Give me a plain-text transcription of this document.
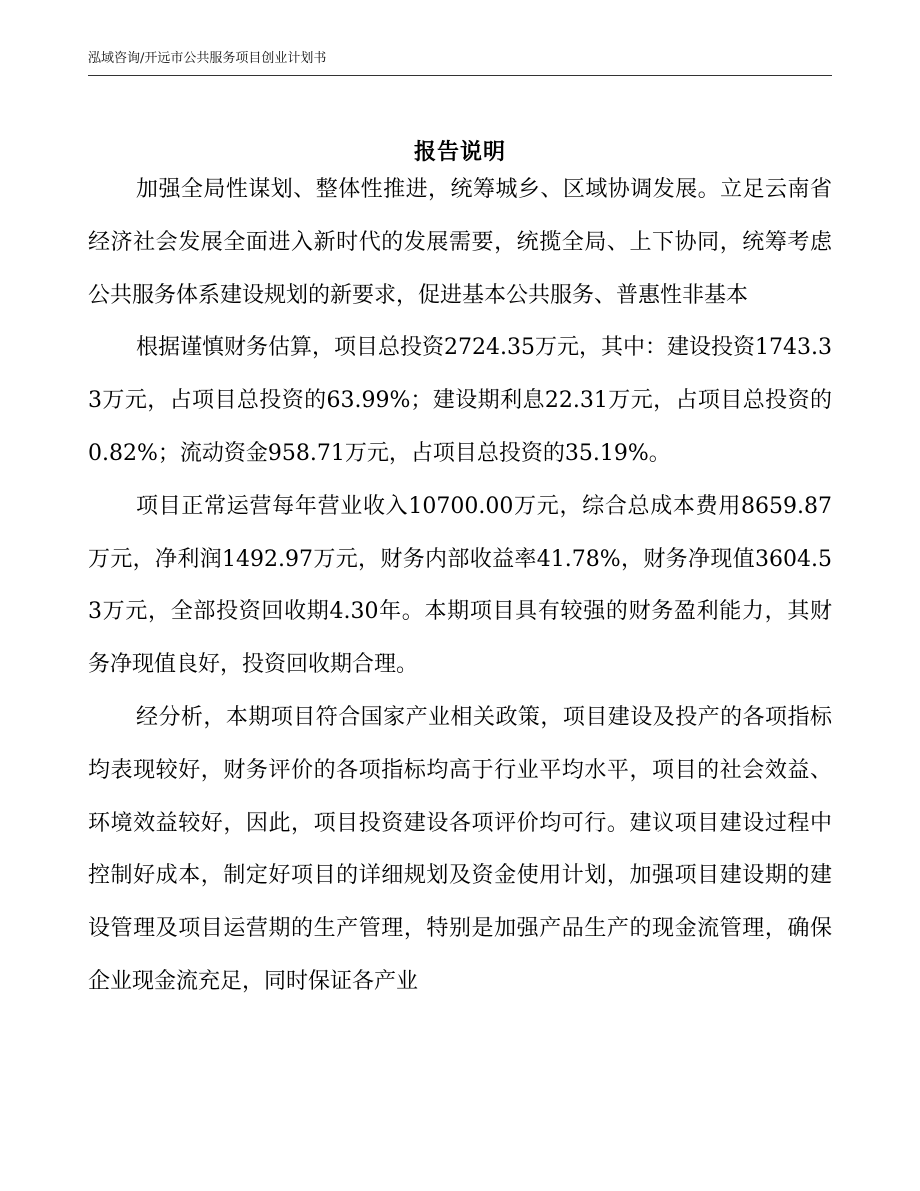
泓域咨询/开远市公共服务项目创业计划书
报告说明

加强全局性谋划、整体性推进，统筹城乡、区域协调发展。立足云南省经济社会发展全面进入新时代的发展需要，统揽全局、上下协同，统筹考虑公共服务体系建设规划的新要求，促进基本公共服务、普惠性非基本

根据谨慎财务估算，项目总投资2724.35万元，其中：建设投资1743.33万元，占项目总投资的63.99%；建设期利息22.31万元，占项目总投资的0.82%；流动资金958.71万元，占项目总投资的35.19%。

项目正常运营每年营业收入10700.00万元，综合总成本费用8659.87万元，净利润1492.97万元，财务内部收益率41.78%，财务净现值3604.53万元，全部投资回收期4.30年。本期项目具有较强的财务盈利能力，其财务净现值良好，投资回收期合理。

经分析，本期项目符合国家产业相关政策，项目建设及投产的各项指标均表现较好，财务评价的各项指标均高于行业平均水平，项目的社会效益、环境效益较好，因此，项目投资建设各项评价均可行。建议项目建设过程中控制好成本，制定好项目的详细规划及资金使用计划，加强项目建设期的建设管理及项目运营期的生产管理，特别是加强产品生产的现金流管理，确保企业现金流充足，同时保证各产业
